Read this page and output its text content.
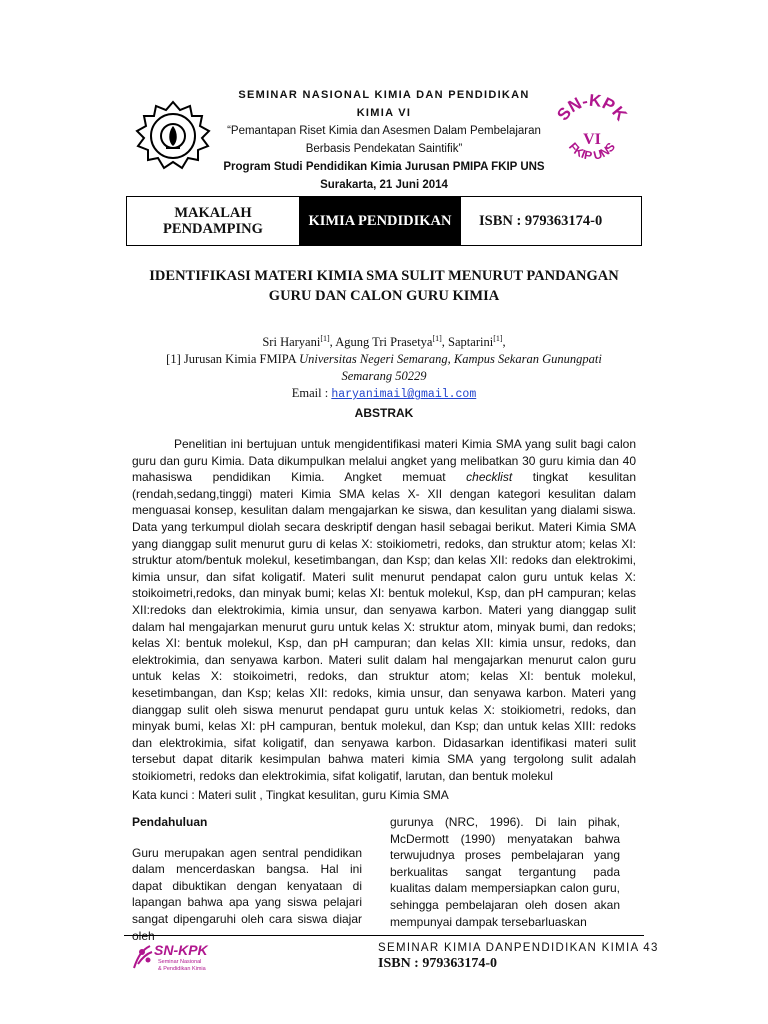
SEMINAR NASIONAL KIMIA DAN PENDIDIKAN KIMIA VI
“Pemantapan Riset Kimia dan Asesmen Dalam Pembelajaran
Berbasis Pendekatan Saintifik”
Program Studi Pendidikan Kimia Jurusan PMIPA FKIP UNS
Surakarta, 21 Juni 2014
SN-KPK
VI
FKIP UNS
MAKALAH PENDAMPING	KIMIA PENDIDIKAN	ISBN : 979363174-0
IDENTIFIKASI MATERI KIMIA SMA SULIT MENURUT PANDANGAN
GURU DAN CALON GURU KIMIA
Sri Haryani[1], Agung Tri Prasetya[1], Saptarini[1],
[1] Jurusan Kimia FMIPA Universitas Negeri Semarang, Kampus Sekaran Gunungpati
Semarang 50229
Email : haryanimail@gmail.com
ABSTRAK

Penelitian ini bertujuan untuk mengidentifikasi materi Kimia SMA yang sulit bagi calon guru dan guru Kimia. Data dikumpulkan melalui angket yang melibatkan 30 guru kimia dan 40 mahasiswa pendidikan Kimia. Angket memuat checklist tingkat kesulitan (rendah,sedang,tinggi) materi Kimia SMA kelas X- XII dengan kategori kesulitan dalam menguasai konsep, kesulitan dalam mengajarkan ke siswa, dan kesulitan yang dialami siswa. Data yang terkumpul diolah secara deskriptif dengan hasil sebagai berikut. Materi Kimia SMA yang dianggap sulit menurut guru di kelas X: stoikiometri, redoks, dan struktur atom; kelas XI: struktur atom/bentuk molekul, kesetimbangan, dan Ksp; dan kelas XII: redoks dan elektrokimi, kimia unsur, dan sifat koligatif. Materi sulit menurut pendapat calon guru untuk kelas X: stoikoimetri,redoks, dan minyak bumi; kelas XI: bentuk molekul, Ksp, dan pH campuran; kelas XII:redoks dan elektrokimia, kimia unsur, dan senyawa karbon. Materi yang dianggap sulit dalam hal mengajarkan menurut guru untuk kelas X: struktur atom, minyak bumi, dan redoks; kelas XI: bentuk molekul, Ksp, dan pH campuran; dan kelas XII: kimia unsur, redoks, dan elektrokimia, dan senyawa karbon. Materi sulit dalam hal mengajarkan menurut calon guru untuk kelas X: stoikoimetri, redoks, dan struktur atom; kelas XI: bentuk molekul, kesetimbangan, dan Ksp; kelas XII: redoks, kimia unsur, dan senyawa karbon. Materi yang dianggap sulit oleh siswa menurut pendapat guru untuk kelas X: stoikiometri, redoks, dan minyak bumi, kelas XI: pH campuran, bentuk molekul, dan Ksp; dan untuk kelas XIII: redoks dan elektrokimia, sifat koligatif, dan senyawa karbon. Didasarkan identifikasi materi sulit tersebut dapat ditarik kesimpulan bahwa materi kimia SMA yang tergolong sulit adalah stoikiometri, redoks dan elektrokimia, sifat koligatif, larutan, dan bentuk molekul

Kata kunci : Materi sulit , Tingkat kesulitan, guru Kimia SMA

Pendahuluan

Guru merupakan agen sentral pendidikan dalam mencerdaskan bangsa. Hal ini dapat dibuktikan dengan kenyataan di lapangan bahwa apa yang siswa pelajari sangat dipengaruhi oleh cara siswa diajar oleh

gurunya (NRC, 1996). Di lain pihak, McDermott (1990) menyatakan bahwa terwujudnya proses pembelajaran yang berkualitas sangat tergantung pada kualitas dalam mempersiapkan calon guru, sehingga pembelajaran oleh dosen akan mempunyai dampak tersebarluaskan

SN-KPK
Seminar Nasional
& Pendidikan Kimia
SEMINAR KIMIA DANPENDIDIKAN KIMIA 43
ISBN : 979363174-0
